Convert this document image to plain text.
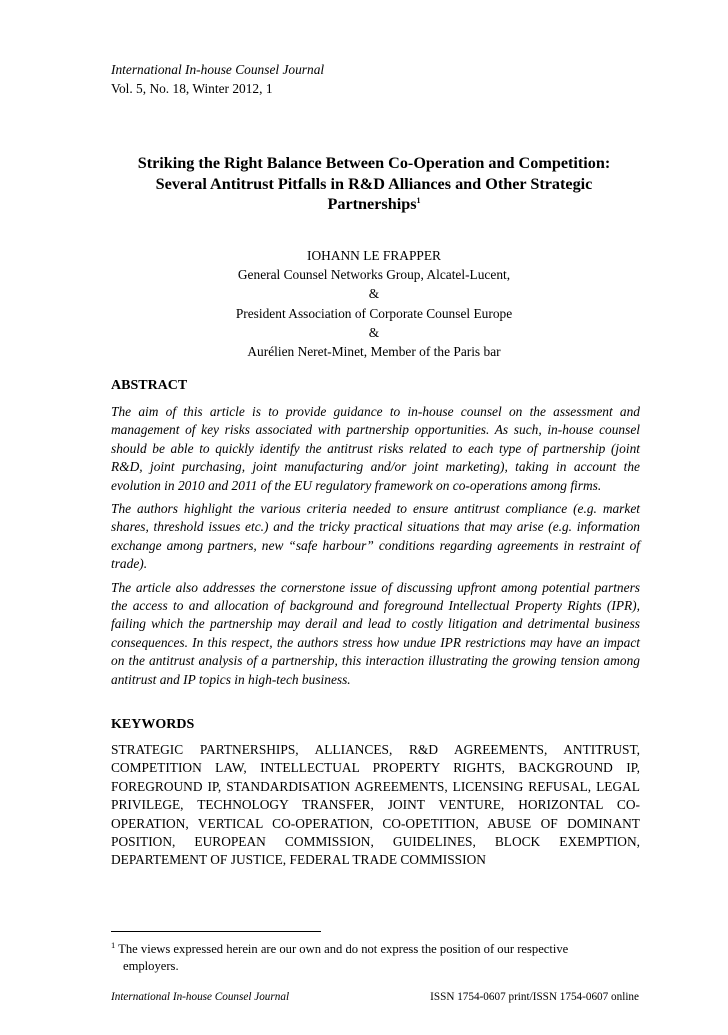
International In-house Counsel Journal
Vol. 5, No. 18, Winter 2012, 1
Striking the Right Balance Between Co-Operation and Competition:
Several Antitrust Pitfalls in R&D Alliances and Other Strategic
Partnerships$^1$
IOHANN LE FRAPPER
General Counsel Networks Group, Alcatel-Lucent,
&
President Association of Corporate Counsel Europe
&
Aurélien Neret-Minet, Member of the Paris bar
ABSTRACT

The aim of this article is to provide guidance to in-house counsel on the assessment and management of key risks associated with partnership opportunities. As such, in-house counsel should be able to quickly identify the antitrust risks related to each type of partnership (joint R&D, joint purchasing, joint manufacturing and/or joint marketing), taking in account the evolution in 2010 and 2011 of the EU regulatory framework on co-operations among firms.

The authors highlight the various criteria needed to ensure antitrust compliance (e.g. market shares, threshold issues etc.) and the tricky practical situations that may arise (e.g. information exchange among partners, new “safe harbour” conditions regarding agreements in restraint of trade).

The article also addresses the cornerstone issue of discussing upfront among potential partners the access to and allocation of background and foreground Intellectual Property Rights (IPR), failing which the partnership may derail and lead to costly litigation and detrimental business consequences. In this respect, the authors stress how undue IPR restrictions may have an impact on the antitrust analysis of a partnership, this interaction illustrating the growing tension among antitrust and IP topics in high-tech business.

KEYWORDS
STRATEGIC PARTNERSHIPS, ALLIANCES, R&D AGREEMENTS, ANTITRUST, COMPETITION LAW, INTELLECTUAL PROPERTY RIGHTS, BACKGROUND IP, FOREGROUND IP, STANDARDISATION AGREEMENTS, LICENSING REFUSAL, LEGAL PRIVILEGE, TECHNOLOGY TRANSFER, JOINT VENTURE, HORIZONTAL CO-OPERATION, VERTICAL CO-OPERATION, CO-OPETITION, ABUSE OF DOMINANT POSITION, EUROPEAN COMMISSION, GUIDELINES, BLOCK EXEMPTION, DEPARTEMENT OF JUSTICE, FEDERAL TRADE COMMISSION
$^1$ The views expressed herein are our own and do not express the position of our respective
employers.
International In-house Counsel Journal	ISSN 1754-0607 print/ISSN 1754-0607 online
